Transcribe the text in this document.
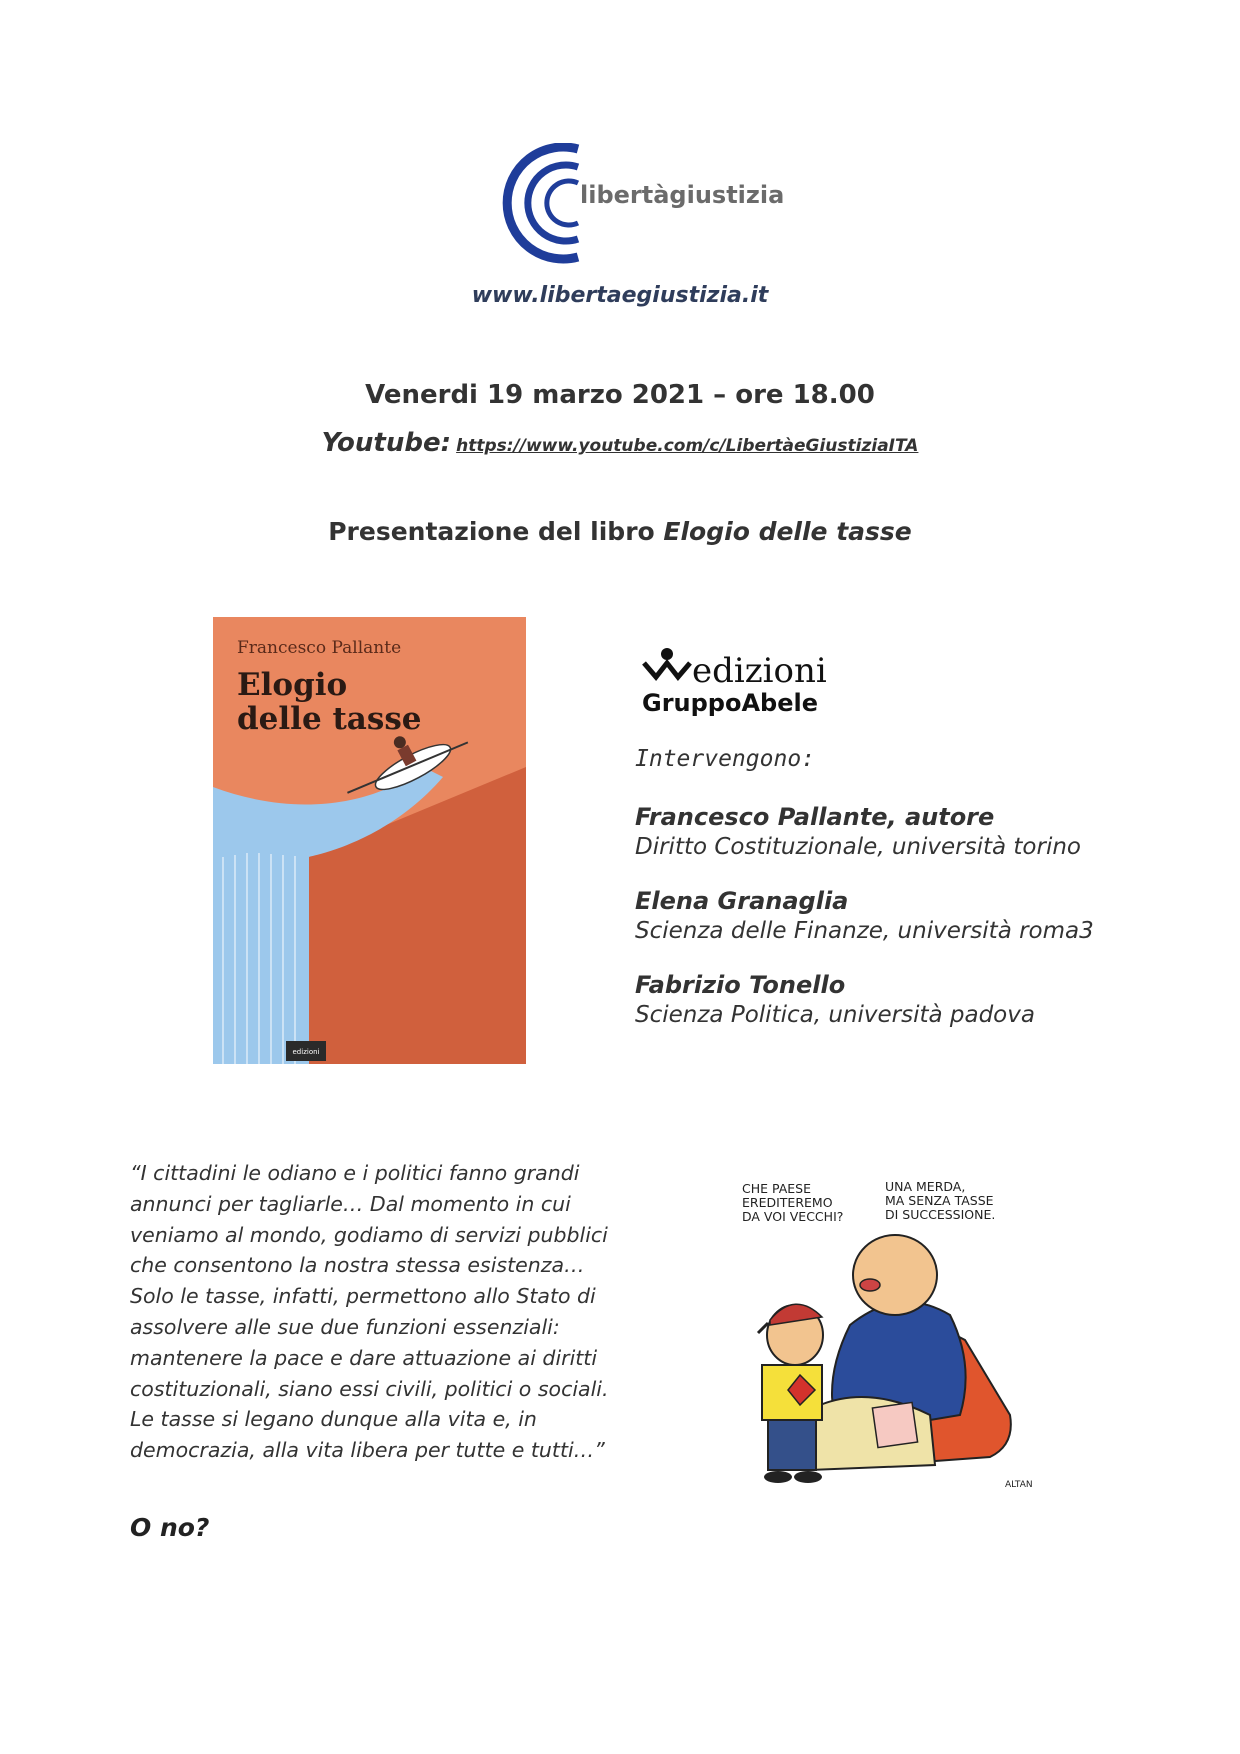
libertàgiustizia
www.libertaegiustizia.it
Venerdi 19 marzo 2021 – ore 18.00
Youtube: https://www.youtube.com/c/LibertàeGiustiziaITA
Presentazione del libro Elogio delle tasse
Francesco Pallante
Elogio
delle tasse
edizioni
edizioni
GruppoAbele
Intervengono:
Francesco Pallante, autore
Diritto Costituzionale, università torino
Elena Granaglia
Scienza delle Finanze, università roma3
Fabrizio Tonello
Scienza Politica, università padova
“I cittadini le odiano e i politici fanno grandi
annunci per tagliarle… Dal momento in cui
veniamo al mondo, godiamo di servizi pubblici
che consentono la nostra stessa esistenza…
Solo le tasse, infatti, permettono allo Stato di
assolvere alle sue due funzioni essenziali:
mantenere la pace e dare attuazione ai diritti
costituzionali, siano essi civili, politici o sociali.
Le tasse si legano dunque alla vita e, in
democrazia, alla vita libera per tutte e tutti…”
O no?
CHE PAESE
EREDITEREMO
DA VOI VECCHI?
UNA MERDA,
MA SENZA TASSE
DI SUCCESSIONE.
ALTAN
